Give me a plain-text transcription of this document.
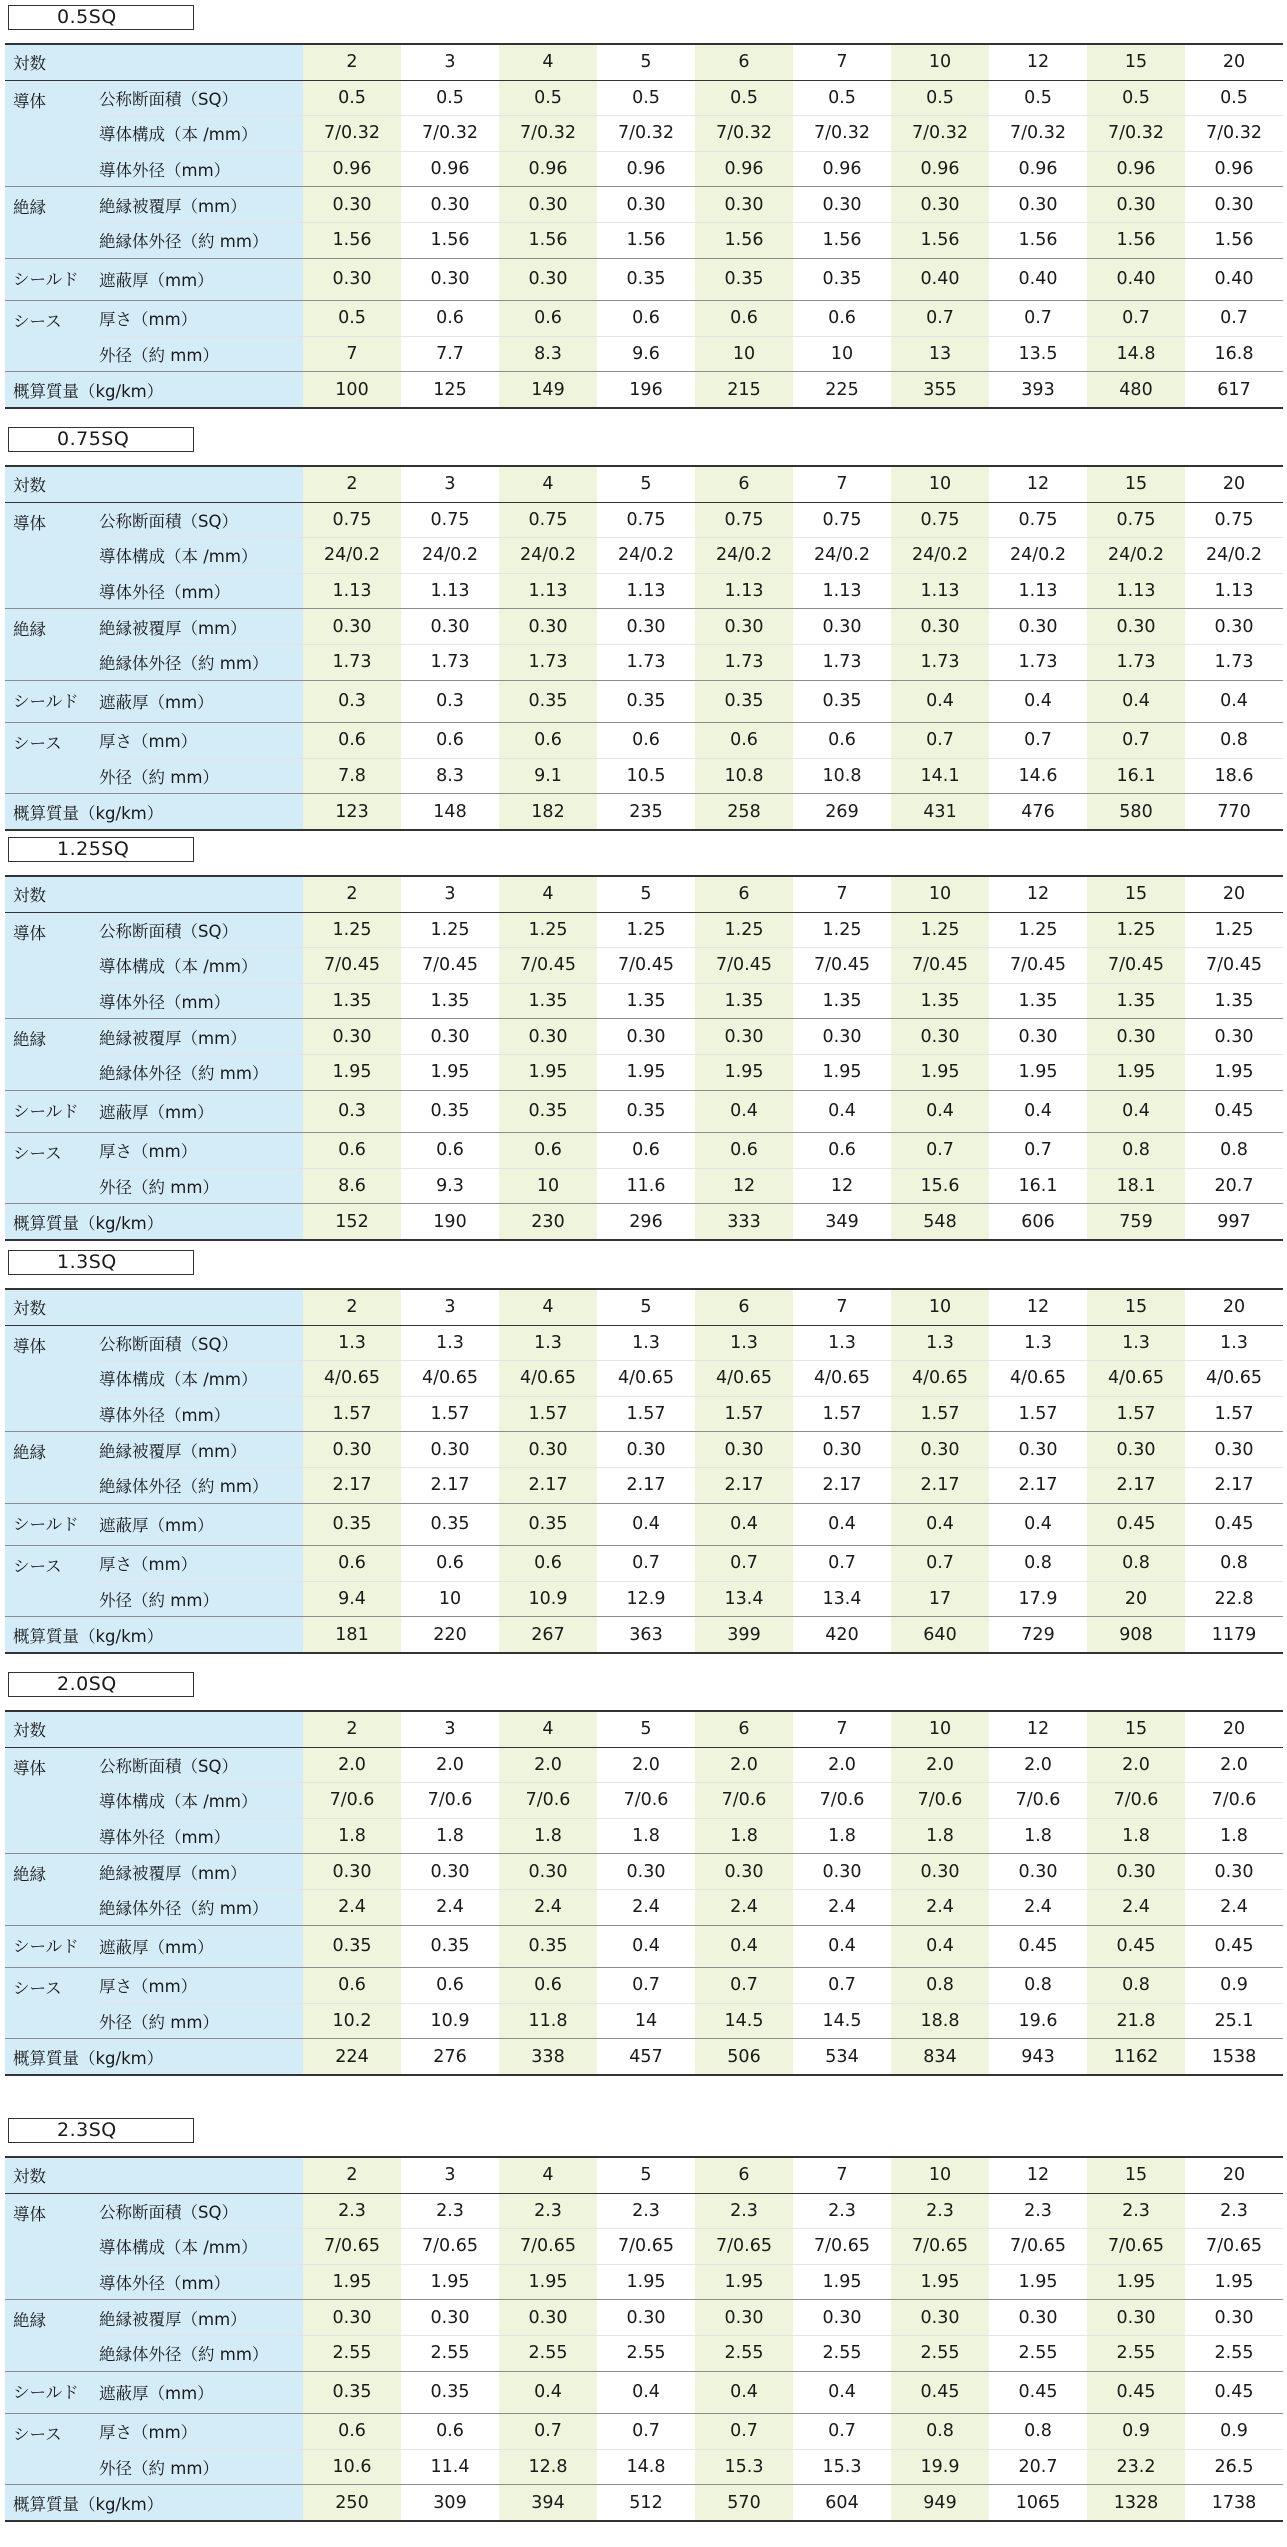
0.5SQ
対数		2	3	4	5	6	7	10	12	15	20
導体	公称断面積（SQ）	0.5	0.5	0.5	0.5	0.5	0.5	0.5	0.5	0.5	0.5
	導体構成（本 /mm）	7/0.32	7/0.32	7/0.32	7/0.32	7/0.32	7/0.32	7/0.32	7/0.32	7/0.32	7/0.32
	導体外径（mm）	0.96	0.96	0.96	0.96	0.96	0.96	0.96	0.96	0.96	0.96
絶縁	絶縁被覆厚（mm）	0.30	0.30	0.30	0.30	0.30	0.30	0.30	0.30	0.30	0.30
	絶縁体外径（約 mm）	1.56	1.56	1.56	1.56	1.56	1.56	1.56	1.56	1.56	1.56
シールド	遮蔽厚（mm）	0.30	0.30	0.30	0.35	0.35	0.35	0.40	0.40	0.40	0.40
シース	厚さ（mm）	0.5	0.6	0.6	0.6	0.6	0.6	0.7	0.7	0.7	0.7
	外径（約 mm）	7	7.7	8.3	9.6	10	10	13	13.5	14.8	16.8
概算質量（kg/km）		100	125	149	196	215	225	355	393	480	617
0.75SQ
対数		2	3	4	5	6	7	10	12	15	20
導体	公称断面積（SQ）	0.75	0.75	0.75	0.75	0.75	0.75	0.75	0.75	0.75	0.75
	導体構成（本 /mm）	24/0.2	24/0.2	24/0.2	24/0.2	24/0.2	24/0.2	24/0.2	24/0.2	24/0.2	24/0.2
	導体外径（mm）	1.13	1.13	1.13	1.13	1.13	1.13	1.13	1.13	1.13	1.13
絶縁	絶縁被覆厚（mm）	0.30	0.30	0.30	0.30	0.30	0.30	0.30	0.30	0.30	0.30
	絶縁体外径（約 mm）	1.73	1.73	1.73	1.73	1.73	1.73	1.73	1.73	1.73	1.73
シールド	遮蔽厚（mm）	0.3	0.3	0.35	0.35	0.35	0.35	0.4	0.4	0.4	0.4
シース	厚さ（mm）	0.6	0.6	0.6	0.6	0.6	0.6	0.7	0.7	0.7	0.8
	外径（約 mm）	7.8	8.3	9.1	10.5	10.8	10.8	14.1	14.6	16.1	18.6
概算質量（kg/km）		123	148	182	235	258	269	431	476	580	770
1.25SQ
対数		2	3	4	5	6	7	10	12	15	20
導体	公称断面積（SQ）	1.25	1.25	1.25	1.25	1.25	1.25	1.25	1.25	1.25	1.25
	導体構成（本 /mm）	7/0.45	7/0.45	7/0.45	7/0.45	7/0.45	7/0.45	7/0.45	7/0.45	7/0.45	7/0.45
	導体外径（mm）	1.35	1.35	1.35	1.35	1.35	1.35	1.35	1.35	1.35	1.35
絶縁	絶縁被覆厚（mm）	0.30	0.30	0.30	0.30	0.30	0.30	0.30	0.30	0.30	0.30
	絶縁体外径（約 mm）	1.95	1.95	1.95	1.95	1.95	1.95	1.95	1.95	1.95	1.95
シールド	遮蔽厚（mm）	0.3	0.35	0.35	0.35	0.4	0.4	0.4	0.4	0.4	0.45
シース	厚さ（mm）	0.6	0.6	0.6	0.6	0.6	0.6	0.7	0.7	0.8	0.8
	外径（約 mm）	8.6	9.3	10	11.6	12	12	15.6	16.1	18.1	20.7
概算質量（kg/km）		152	190	230	296	333	349	548	606	759	997
1.3SQ
対数		2	3	4	5	6	7	10	12	15	20
導体	公称断面積（SQ）	1.3	1.3	1.3	1.3	1.3	1.3	1.3	1.3	1.3	1.3
	導体構成（本 /mm）	4/0.65	4/0.65	4/0.65	4/0.65	4/0.65	4/0.65	4/0.65	4/0.65	4/0.65	4/0.65
	導体外径（mm）	1.57	1.57	1.57	1.57	1.57	1.57	1.57	1.57	1.57	1.57
絶縁	絶縁被覆厚（mm）	0.30	0.30	0.30	0.30	0.30	0.30	0.30	0.30	0.30	0.30
	絶縁体外径（約 mm）	2.17	2.17	2.17	2.17	2.17	2.17	2.17	2.17	2.17	2.17
シールド	遮蔽厚（mm）	0.35	0.35	0.35	0.4	0.4	0.4	0.4	0.4	0.45	0.45
シース	厚さ（mm）	0.6	0.6	0.6	0.7	0.7	0.7	0.7	0.8	0.8	0.8
	外径（約 mm）	9.4	10	10.9	12.9	13.4	13.4	17	17.9	20	22.8
概算質量（kg/km）		181	220	267	363	399	420	640	729	908	1179
2.0SQ
対数		2	3	4	5	6	7	10	12	15	20
導体	公称断面積（SQ）	2.0	2.0	2.0	2.0	2.0	2.0	2.0	2.0	2.0	2.0
	導体構成（本 /mm）	7/0.6	7/0.6	7/0.6	7/0.6	7/0.6	7/0.6	7/0.6	7/0.6	7/0.6	7/0.6
	導体外径（mm）	1.8	1.8	1.8	1.8	1.8	1.8	1.8	1.8	1.8	1.8
絶縁	絶縁被覆厚（mm）	0.30	0.30	0.30	0.30	0.30	0.30	0.30	0.30	0.30	0.30
	絶縁体外径（約 mm）	2.4	2.4	2.4	2.4	2.4	2.4	2.4	2.4	2.4	2.4
シールド	遮蔽厚（mm）	0.35	0.35	0.35	0.4	0.4	0.4	0.4	0.45	0.45	0.45
シース	厚さ（mm）	0.6	0.6	0.6	0.7	0.7	0.7	0.8	0.8	0.8	0.9
	外径（約 mm）	10.2	10.9	11.8	14	14.5	14.5	18.8	19.6	21.8	25.1
概算質量（kg/km）		224	276	338	457	506	534	834	943	1162	1538
2.3SQ
対数		2	3	4	5	6	7	10	12	15	20
導体	公称断面積（SQ）	2.3	2.3	2.3	2.3	2.3	2.3	2.3	2.3	2.3	2.3
	導体構成（本 /mm）	7/0.65	7/0.65	7/0.65	7/0.65	7/0.65	7/0.65	7/0.65	7/0.65	7/0.65	7/0.65
	導体外径（mm）	1.95	1.95	1.95	1.95	1.95	1.95	1.95	1.95	1.95	1.95
絶縁	絶縁被覆厚（mm）	0.30	0.30	0.30	0.30	0.30	0.30	0.30	0.30	0.30	0.30
	絶縁体外径（約 mm）	2.55	2.55	2.55	2.55	2.55	2.55	2.55	2.55	2.55	2.55
シールド	遮蔽厚（mm）	0.35	0.35	0.4	0.4	0.4	0.4	0.45	0.45	0.45	0.45
シース	厚さ（mm）	0.6	0.6	0.7	0.7	0.7	0.7	0.8	0.8	0.9	0.9
	外径（約 mm）	10.6	11.4	12.8	14.8	15.3	15.3	19.9	20.7	23.2	26.5
概算質量（kg/km）		250	309	394	512	570	604	949	1065	1328	1738
